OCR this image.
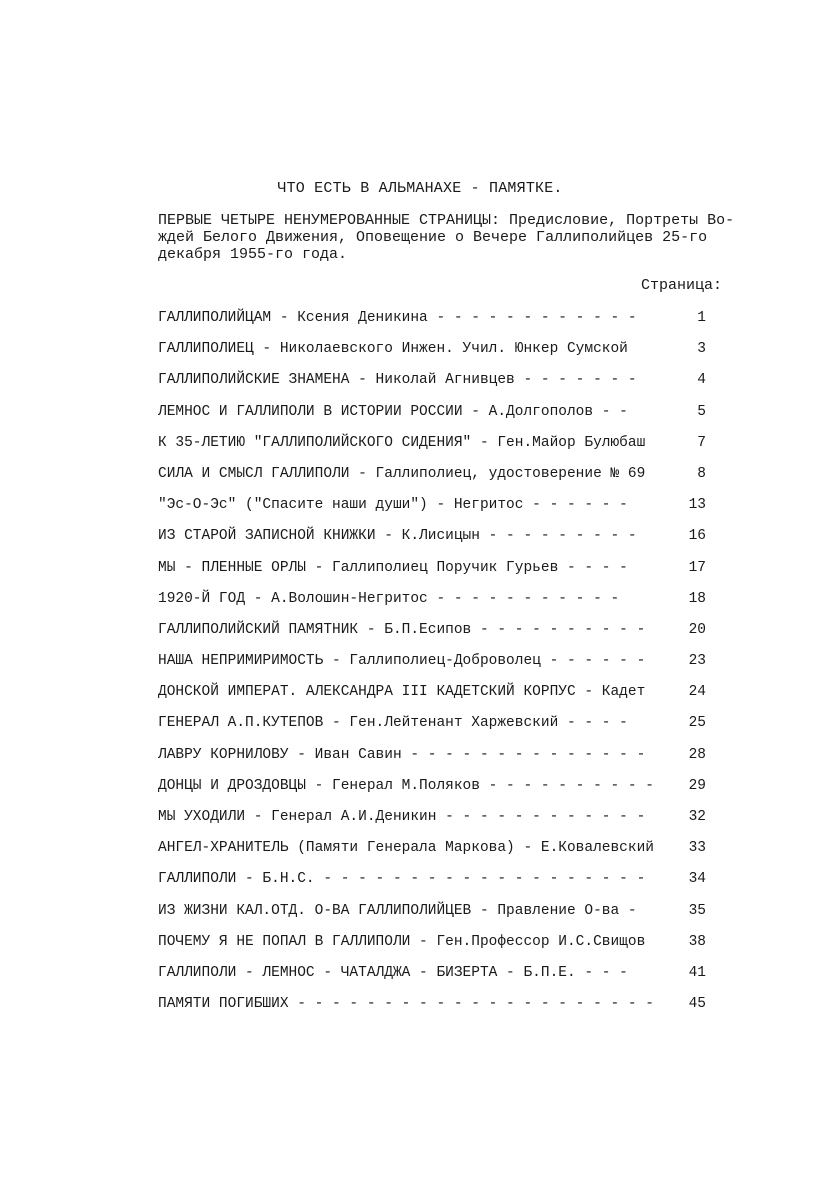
ЧТО ЕСТЬ В АЛЬМАНАХЕ - ПАМЯТКЕ.
ПЕРВЫЕ ЧЕТЫРЕ НЕНУМЕРОВАННЫЕ СТРАНИЦЫ: Предисловие, Портреты Во-
ждей Белого Движения, Оповещение о Вечере Галлиполийцев 25-го
декабря 1955-го года.
Страница:
ГАЛЛИПОЛИЙЦАМ - Ксения Деникина - - - - - - - - - - - -	1
ГАЛЛИПОЛИЕЦ - Николаевского Инжен. Учил. Юнкер Сумской	3
ГАЛЛИПОЛИЙСКИЕ ЗНАМЕНА - Николай Агнивцев - - - - - - -	4
ЛЕМНОС И ГАЛЛИПОЛИ В ИСТОРИИ РОССИИ - А.Долгополов - -	5
К 35-ЛЕТИЮ "ГАЛЛИПОЛИЙСКОГО СИДЕНИЯ" - Ген.Майор Булюбаш	7
СИЛА И СМЫСЛ ГАЛЛИПОЛИ - Галлиполиец, удостоверение № 69	8
"Эс-О-Эс" ("Спасите наши души") - Негритос - - - - - -	13
ИЗ СТАРОЙ ЗАПИСНОЙ КНИЖКИ - К.Лисицын - - - - - - - - -	16
МЫ - ПЛЕННЫЕ ОРЛЫ - Галлиполиец Поручик Гурьев - - - -	17
1920-Й ГОД - А.Волошин-Негритос - - - - - - - - - - -	18
ГАЛЛИПОЛИЙСКИЙ ПАМЯТНИК - Б.П.Есипов - - - - - - - - - -	20
НАША НЕПРИМИРИМОСТЬ - Галлиполиец-Доброволец - - - - - -	23
ДОНСКОЙ ИМПЕРАТ. АЛЕКСАНДРА III КАДЕТСКИЙ КОРПУС - Кадет	24
ГЕНЕРАЛ А.П.КУТЕПОВ - Ген.Лейтенант Харжевский - - - -	25
ЛАВРУ КОРНИЛОВУ - Иван Савин - - - - - - - - - - - - - -	28
ДОНЦЫ И ДРОЗДОВЦЫ - Генерал М.Поляков - - - - - - - - - -	29
МЫ УХОДИЛИ - Генерал А.И.Деникин - - - - - - - - - - - -	32
АНГЕЛ-ХРАНИТЕЛЬ (Памяти Генерала Маркова) - Е.Ковалевский	33
ГАЛЛИПОЛИ - Б.Н.С. - - - - - - - - - - - - - - - - - - -	34
ИЗ ЖИЗНИ КАЛ.ОТД. О-ВА ГАЛЛИПОЛИЙЦЕВ - Правление О-ва -	35
ПОЧЕМУ Я НЕ ПОПАЛ В ГАЛЛИПОЛИ - Ген.Профессор И.С.Свищов	38
ГАЛЛИПОЛИ - ЛЕМНОС - ЧАТАЛДЖА - БИЗЕРТА - Б.П.Е. - - -	41
ПАМЯТИ ПОГИБШИХ - - - - - - - - - - - - - - - - - - - - -	45
